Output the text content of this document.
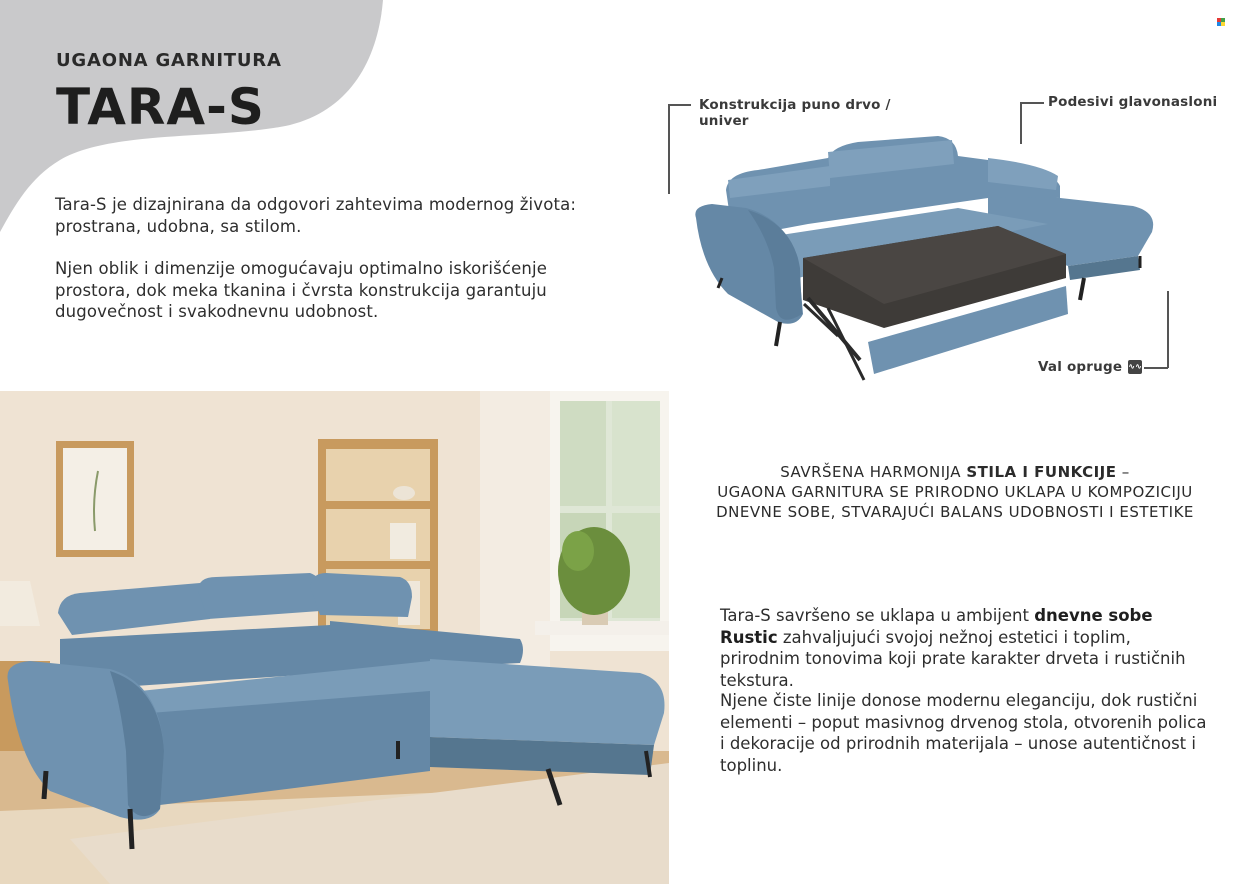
UGAONA GARNITURA
TARA-S

Tara-S je dizajnirana da odgovori zahtevima modernog života: prostrana, udobna, sa stilom.

Njen oblik i dimenzije omogućavaju optimalno iskorišćenje prostora, dok meka tkanina i čvrsta konstrukcija garantuju dugovečnost i svakodnevnu udobnost.

Konstrukcija puno drvo / univer
Podesivi glavonasloni
Val opruge ∿∿

SAVRŠENA HARMONIJA STILA I FUNKCIJE –
UGAONA GARNITURA SE PRIRODNO UKLAPA U KOMPOZICIJU
DNEVNE SOBE, STVARAJUĆI BALANS UDOBNOSTI I ESTETIKE

Tara-S savršeno se uklapa u ambijent dnevne sobe Rustic zahvaljujući svojoj nežnoj estetici i toplim, prirodnim tonovima koji prate karakter drveta i rustičnih tekstura.

Njene čiste linije donose modernu eleganciju, dok rustični elementi – poput masivnog drvenog stola, otvorenih polica i dekoracije od prirodnih materijala – unose autentičnost i toplinu.
